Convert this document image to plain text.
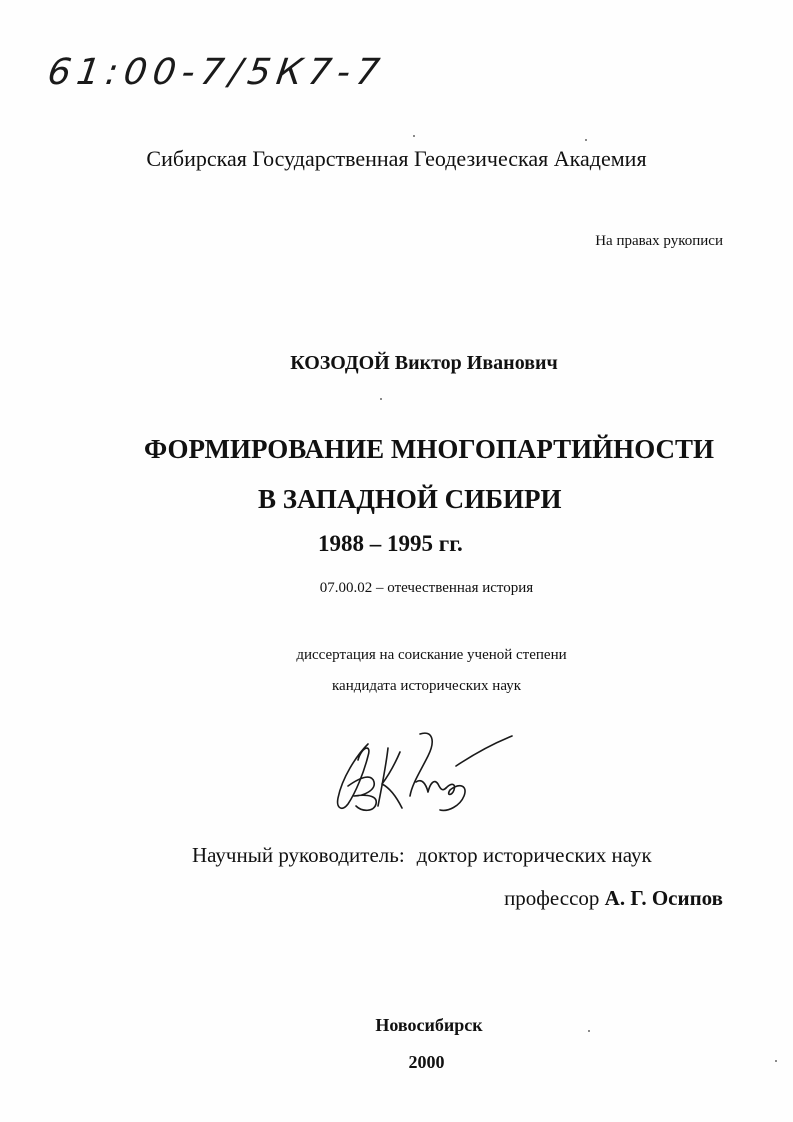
61:00-7/5К7-7
Сибирская Государственная Геодезическая Академия
На правах рукописи
КОЗОДОЙ Виктор Иванович
ФОРМИРОВАНИЕ МНОГОПАРТИЙНОСТИ
В ЗАПАДНОЙ СИБИРИ
1988 – 1995 гг.
07.00.02 – отечественная история
диссертация на соискание ученой степени
кандидата исторических наук
Научный руководитель: доктор исторических наук
профессор А. Г. Осипов
Новосибирск
2000
